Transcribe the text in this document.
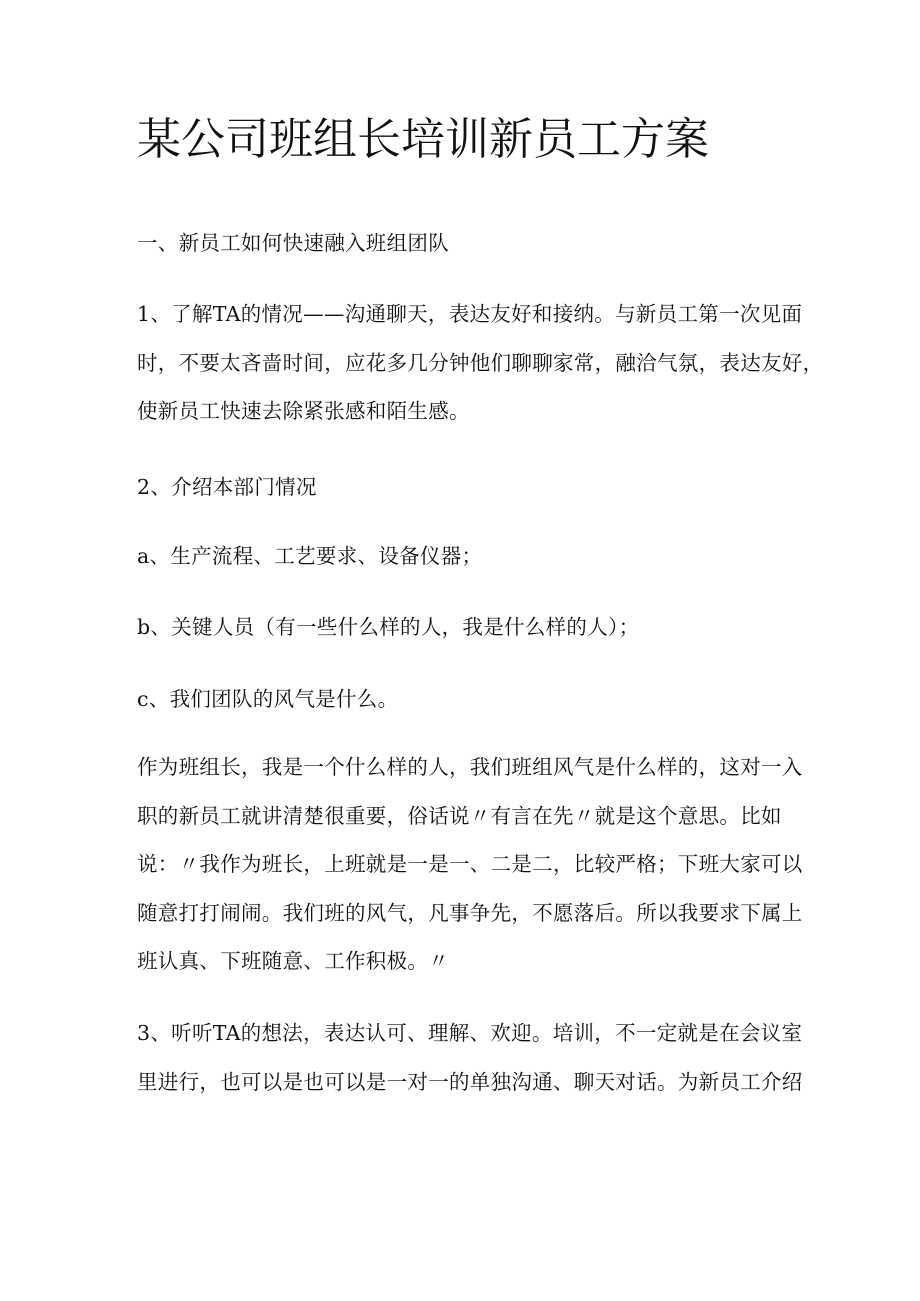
某公司班组长培训新员工方案

一、新员工如何快速融入班组团队

1、了解TA的情况——沟通聊天，表达友好和接纳。与新员工第一次见面
时，不要太吝啬时间，应花多几分钟他们聊聊家常，融洽气氛，表达友好，
使新员工快速去除紧张感和陌生感。

2、介绍本部门情况

a、生产流程、工艺要求、设备仪器；

b、关键人员（有一些什么样的人，我是什么样的人）；

c、我们团队的风气是什么。

作为班组长，我是一个什么样的人，我们班组风气是什么样的，这对一入
职的新员工就讲清楚很重要，俗话说〃有言在先〃就是这个意思。比如
说：〃我作为班长，上班就是一是一、二是二，比较严格；下班大家可以
随意打打闹闹。我们班的风气，凡事争先，不愿落后。所以我要求下属上
班认真、下班随意、工作积极。〃

3、听听TA的想法，表达认可、理解、欢迎。培训，不一定就是在会议室
里进行，也可以是也可以是一对一的单独沟通、聊天对话。为新员工介绍
